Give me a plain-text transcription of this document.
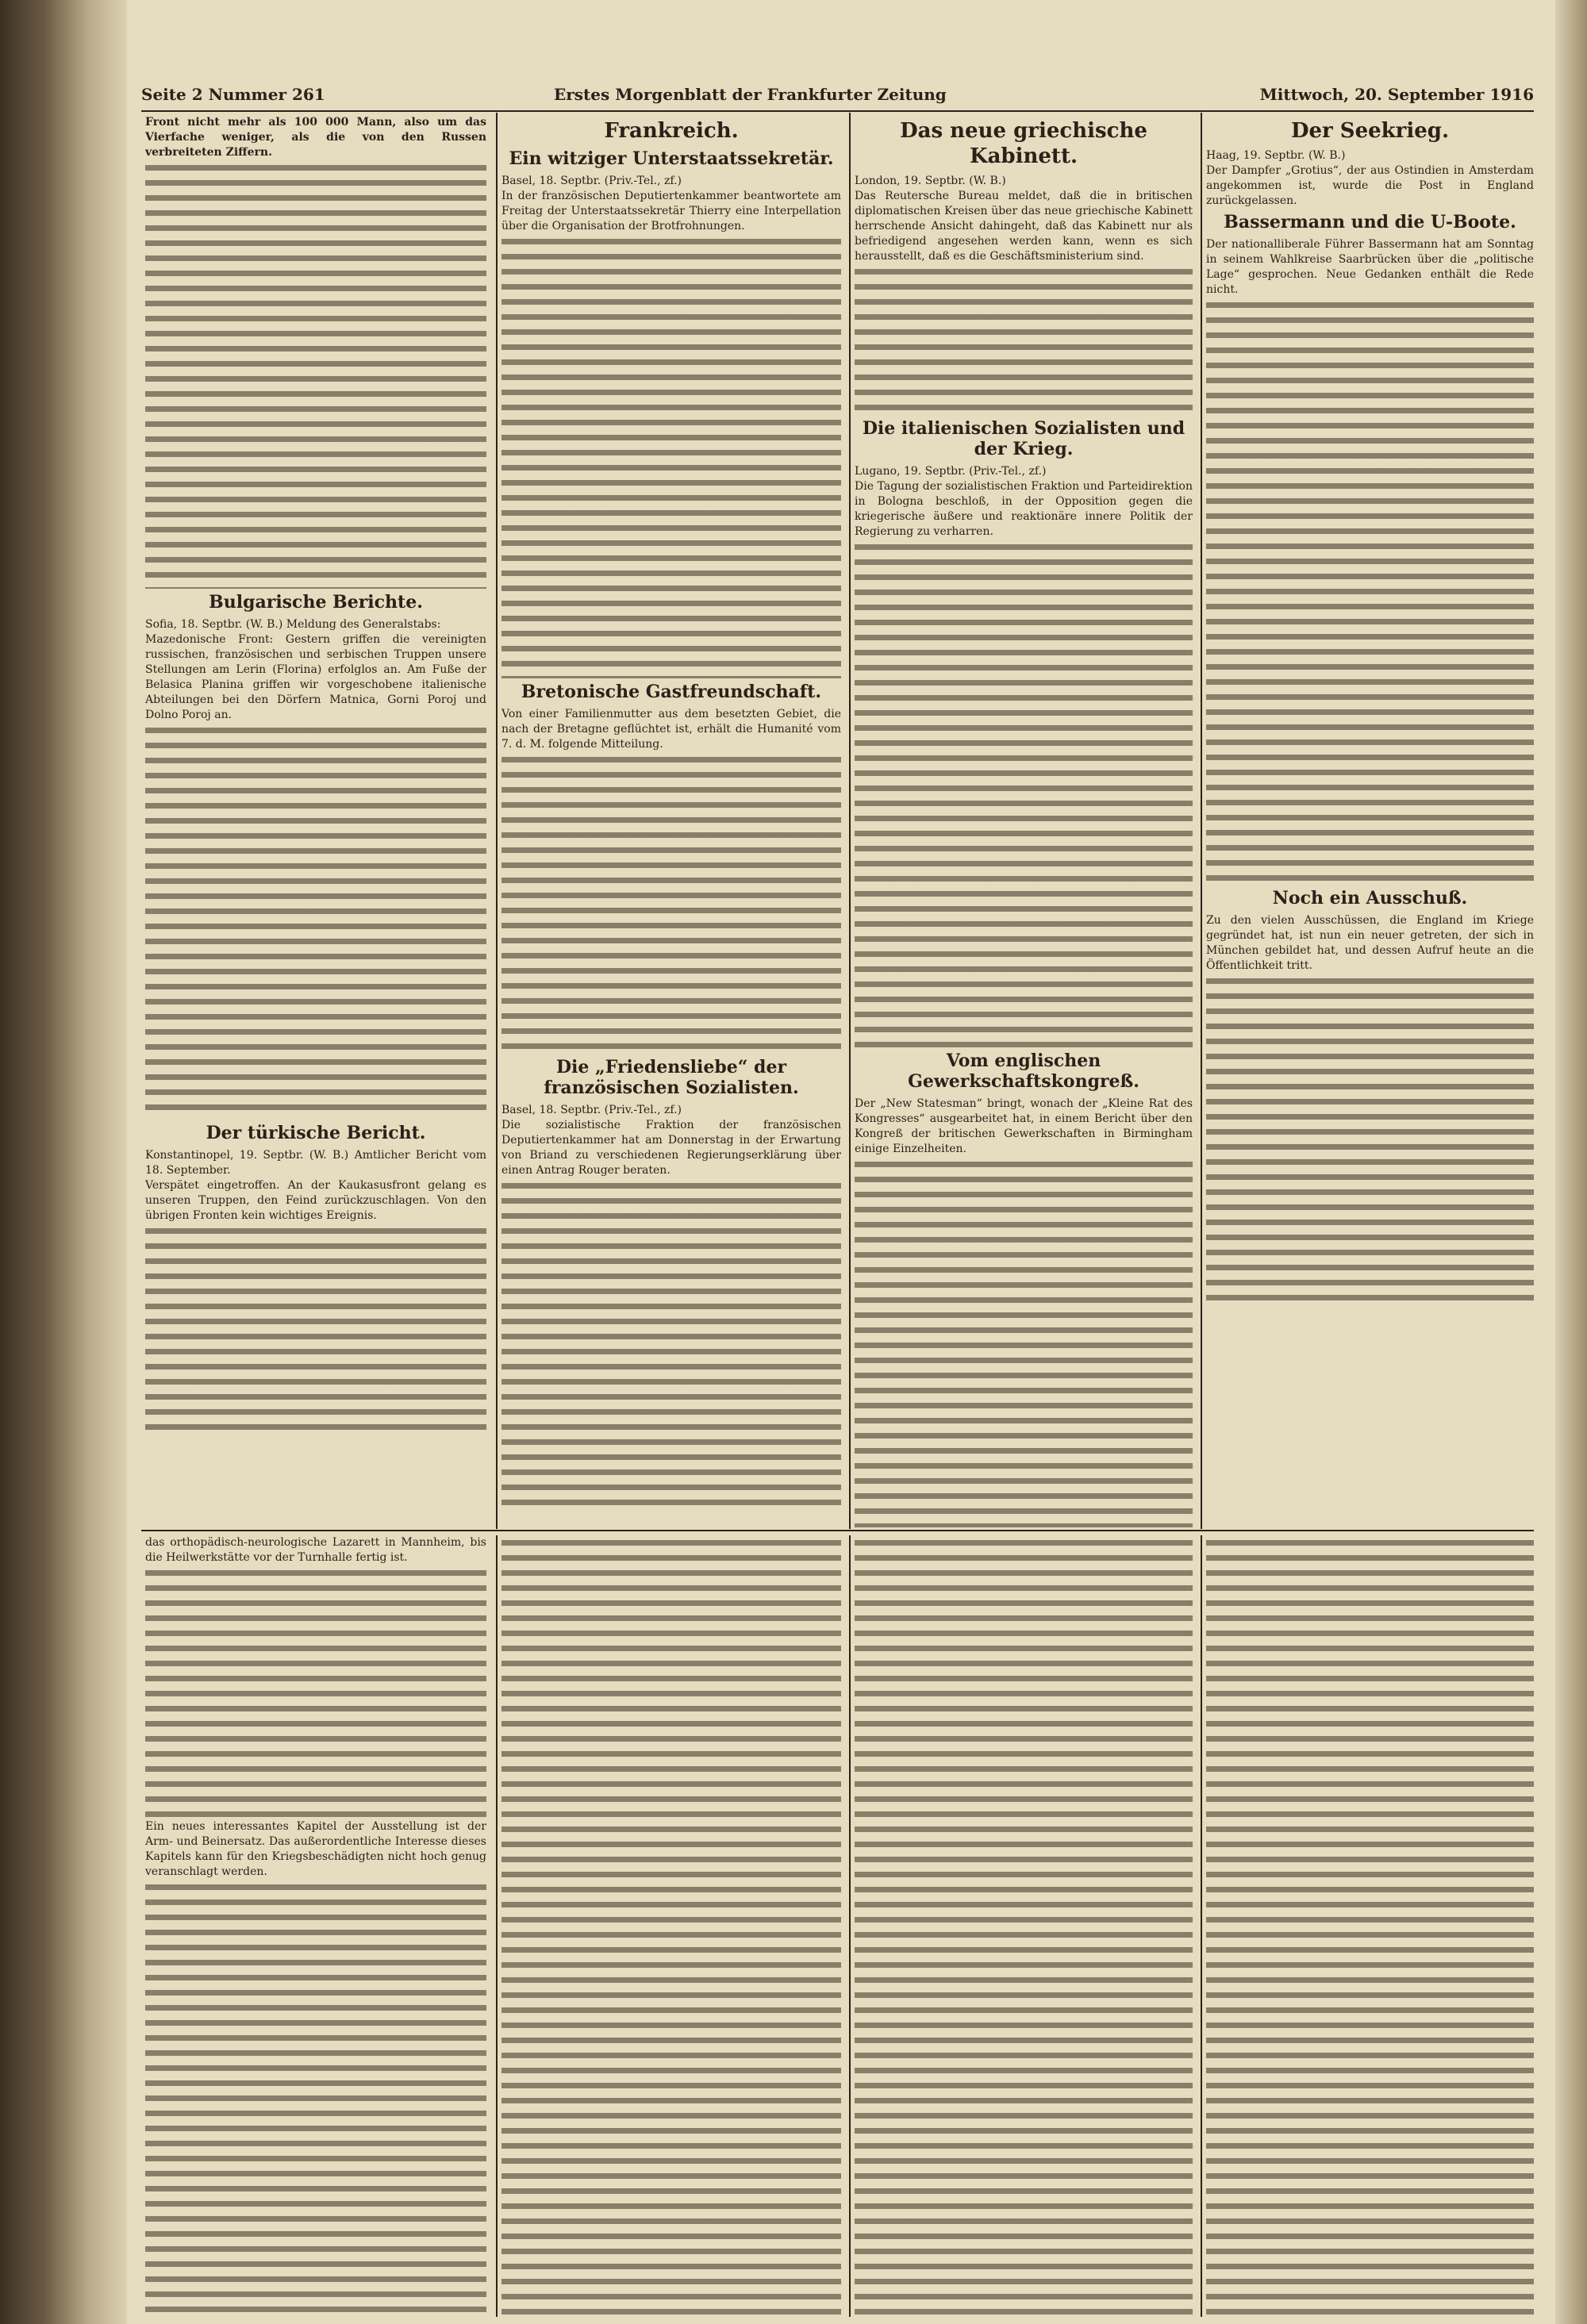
Seite 2 Nummer 261	Erstes Morgenblatt der Frankfurter Zeitung	Mittwoch, 20. September 1916

Front nicht mehr als 100 000 Mann, also um das Vierfache weniger, als die von den Russen verbreiteten Ziffern.

Bulgarische Berichte.

Sofia, 18. Septbr. (W. B.) Meldung des Generalstabs:

Mazedonische Front: Gestern griffen die vereinigten russischen, französischen und serbischen Truppen unsere Stellungen am Lerin (Florina) erfolglos an. Am Fuße der Belasica Planina griffen wir vorgeschobene italienische Abteilungen bei den Dörfern Matnica, Gorni Poroj und Dolno Poroj an.

Der türkische Bericht.

Konstantinopel, 19. Septbr. (W. B.) Amtlicher Bericht vom 18. September.

Verspätet eingetroffen. An der Kaukasusfront gelang es unseren Truppen, den Feind zurückzuschlagen. Von den übrigen Fronten kein wichtiges Ereignis.

Frankreich.
Ein witziger Unterstaatssekretär.

Basel, 18. Septbr. (Priv.-Tel., zf.)

In der französischen Deputiertenkammer beantwortete am Freitag der Unterstaatssekretär Thierry eine Interpellation über die Organisation der Brotfrohnungen.

Bretonische Gastfreundschaft.

Von einer Familienmutter aus dem besetzten Gebiet, die nach der Bretagne geflüchtet ist, erhält die Humanité vom 7. d. M. folgende Mitteilung.

Die „Friedensliebe“ der französischen Sozialisten.

Basel, 18. Septbr. (Priv.-Tel., zf.)

Die sozialistische Fraktion der französischen Deputiertenkammer hat am Donnerstag in der Erwartung von Briand zu verschiedenen Regierungserklärung über einen Antrag Rouger beraten.

Das neue griechische Kabinett.

London, 19. Septbr. (W. B.)

Das Reutersche Bureau meldet, daß die in britischen diplomatischen Kreisen über das neue griechische Kabinett herrschende Ansicht dahingeht, daß das Kabinett nur als befriedigend angesehen werden kann, wenn es sich herausstellt, daß es die Geschäftsministerium sind.

Die italienischen Sozialisten und der Krieg.

Lugano, 19. Septbr. (Priv.-Tel., zf.)

Die Tagung der sozialistischen Fraktion und Parteidirektion in Bologna beschloß, in der Opposition gegen die kriegerische äußere und reaktionäre innere Politik der Regierung zu verharren.

Vom englischen Gewerkschaftskongreß.

Der „New Statesman“ bringt, wonach der „Kleine Rat des Kongresses“ ausgearbeitet hat, in einem Bericht über den Kongreß der britischen Gewerkschaften in Birmingham einige Einzelheiten.

Der Seekrieg.

Haag, 19. Septbr. (W. B.)

Der Dampfer „Grotius“, der aus Ostindien in Amsterdam angekommen ist, wurde die Post in England zurückgelassen.

Bassermann und die U-Boote.

Der nationalliberale Führer Bassermann hat am Sonntag in seinem Wahlkreise Saarbrücken über die „politische Lage“ gesprochen. Neue Gedanken enthält die Rede nicht.

Noch ein Ausschuß.

Zu den vielen Ausschüssen, die England im Kriege gegründet hat, ist nun ein neuer getreten, der sich in München gebildet hat, und dessen Aufruf heute an die Öffentlichkeit tritt.

das orthopädisch-neurologische Lazarett in Mannheim, bis die Heilwerkstätte vor der Turnhalle fertig ist.

Ein neues interessantes Kapitel der Ausstellung ist der Arm- und Beinersatz. Das außerordentliche Interesse dieses Kapitels kann für den Kriegsbeschädigten nicht hoch genug veranschlagt werden.
